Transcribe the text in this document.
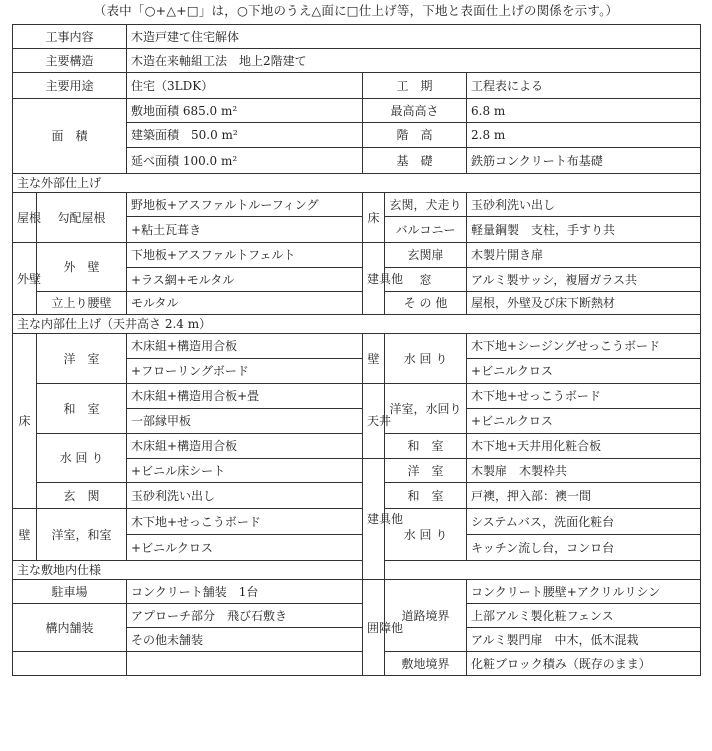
（表中「○+△+□」は，○下地のうえ△面に□仕上げ等，下地と表面仕上げの関係を示す。）
工事内容		木造戸建て住宅解体			
主要構造		木造在来軸組工法　地上2階建て			
主要用途		住宅（3LDK）	工　期		工程表による
面　積		敷地面積 685.0 m²	最高高さ		6.8 m
		建築面積　50.0 m²	階　高		2.8 m
		延べ面積 100.0 m²	基　礎		鉄筋コンクリート布基礎
主な外部仕上げ					
屋根	勾配屋根	野地板+アスファルトルーフィング	床	玄関，犬走り	玉砂利洗い出し
		+粘土瓦葺き		バルコニー	軽量鋼製　支柱，手すり共
外壁	外　壁	下地板+アスファルトフェルト	建具他	玄関扉	木製片開き扉
		+ラス網+モルタル		窓	アルミ製サッシ，複層ガラス共
	立上り腰壁	モルタル		そ の 他	屋根，外壁及び床下断熱材
主な内部仕上げ（天井高さ 2.4 m）					
床	洋　室	木床組+構造用合板	壁	水 回 り	木下地+シージングせっこうボード
		+フローリングボード			+ビニルクロス
	和　室	木床組+構造用合板+畳	天井	洋室，水回り	木下地+せっこうボード
		一部縁甲板			+ビニルクロス
	水 回 り	木床組+構造用合板		和　室	木下地+天井用化粧合板
		+ビニル床シート	建具他	洋　室	木製扉　木製枠共
	玄　関	玉砂利洗い出し		和　室	戸襖，押入部：襖一間
壁	洋室，和室	木下地+せっこうボード		水 回 り	システムバス，洗面化粧台
		+ビニルクロス			キッチン流し台，コンロ台
主な敷地内仕様					
駐車場		コンクリート舗装　1台	囲障他	道路境界	コンクリート腰壁+アクリルリシン
構内舗装		アプローチ部分　飛び石敷き			上部アルミ製化粧フェンス
		その他未舗装			アルミ製門扉　中木，低木混栽
				敷地境界	化粧ブロック積み（既存のまま）
